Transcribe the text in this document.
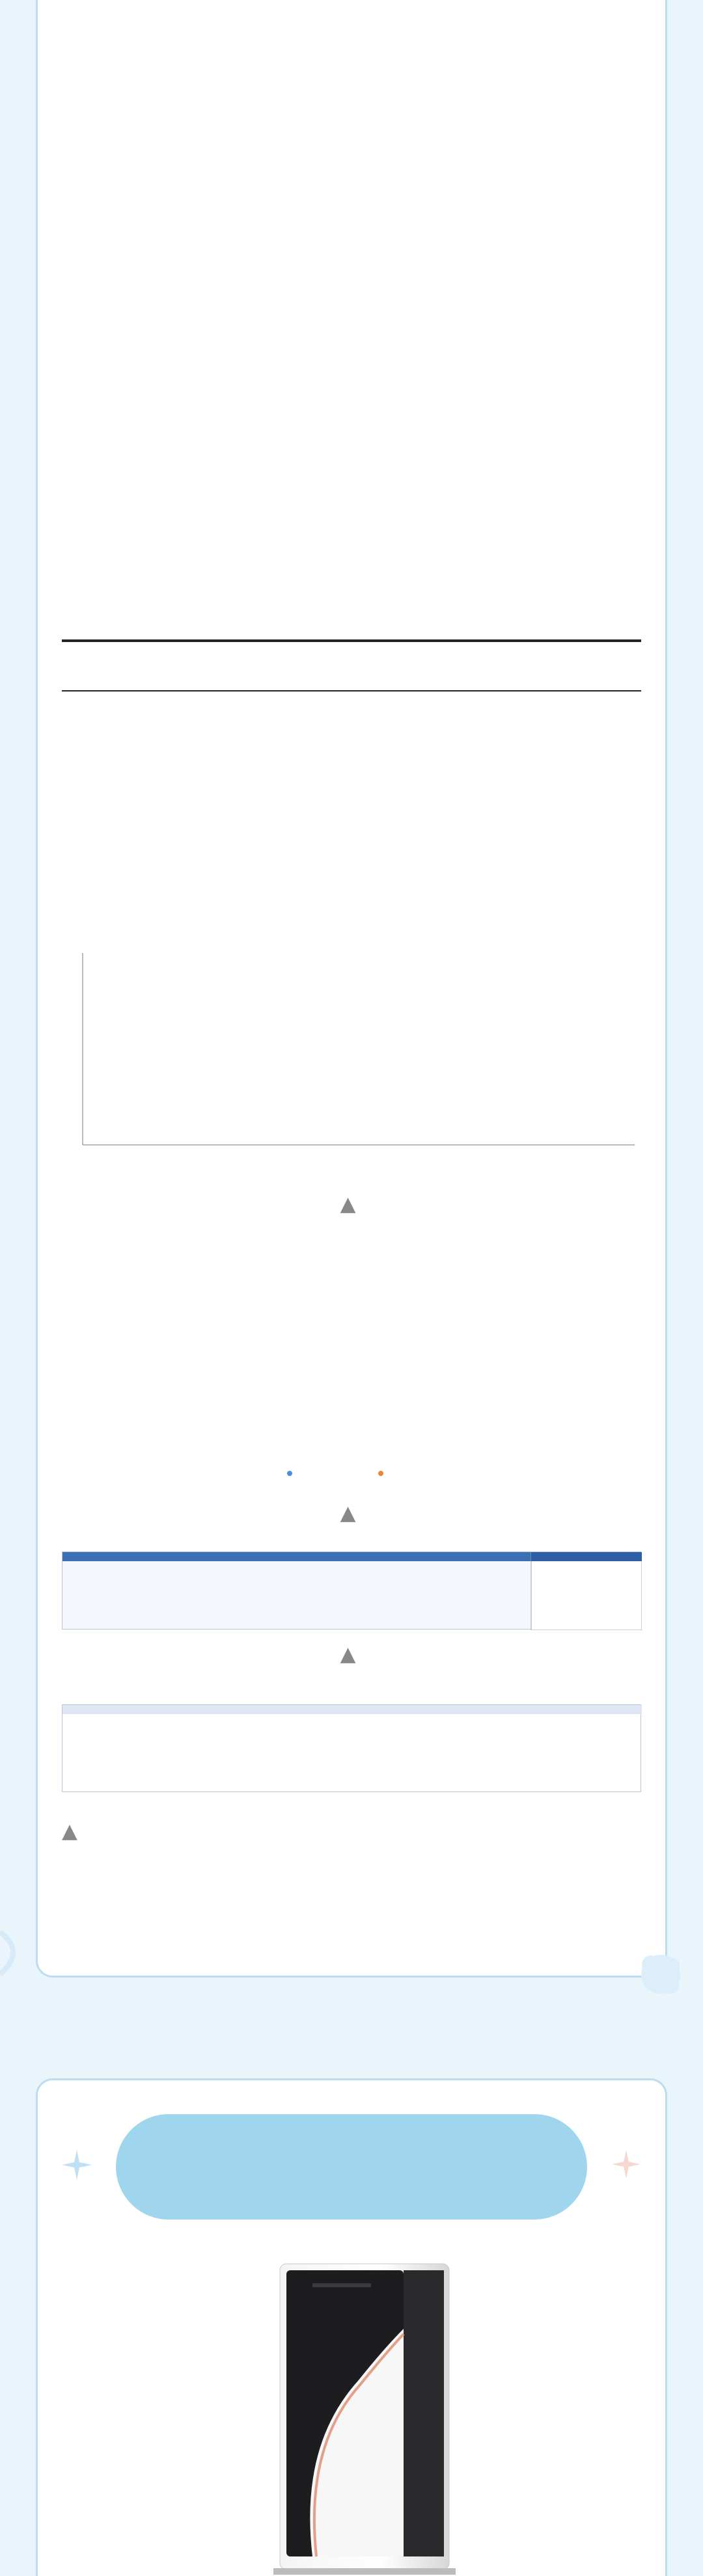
▲
▲
▲
▲
